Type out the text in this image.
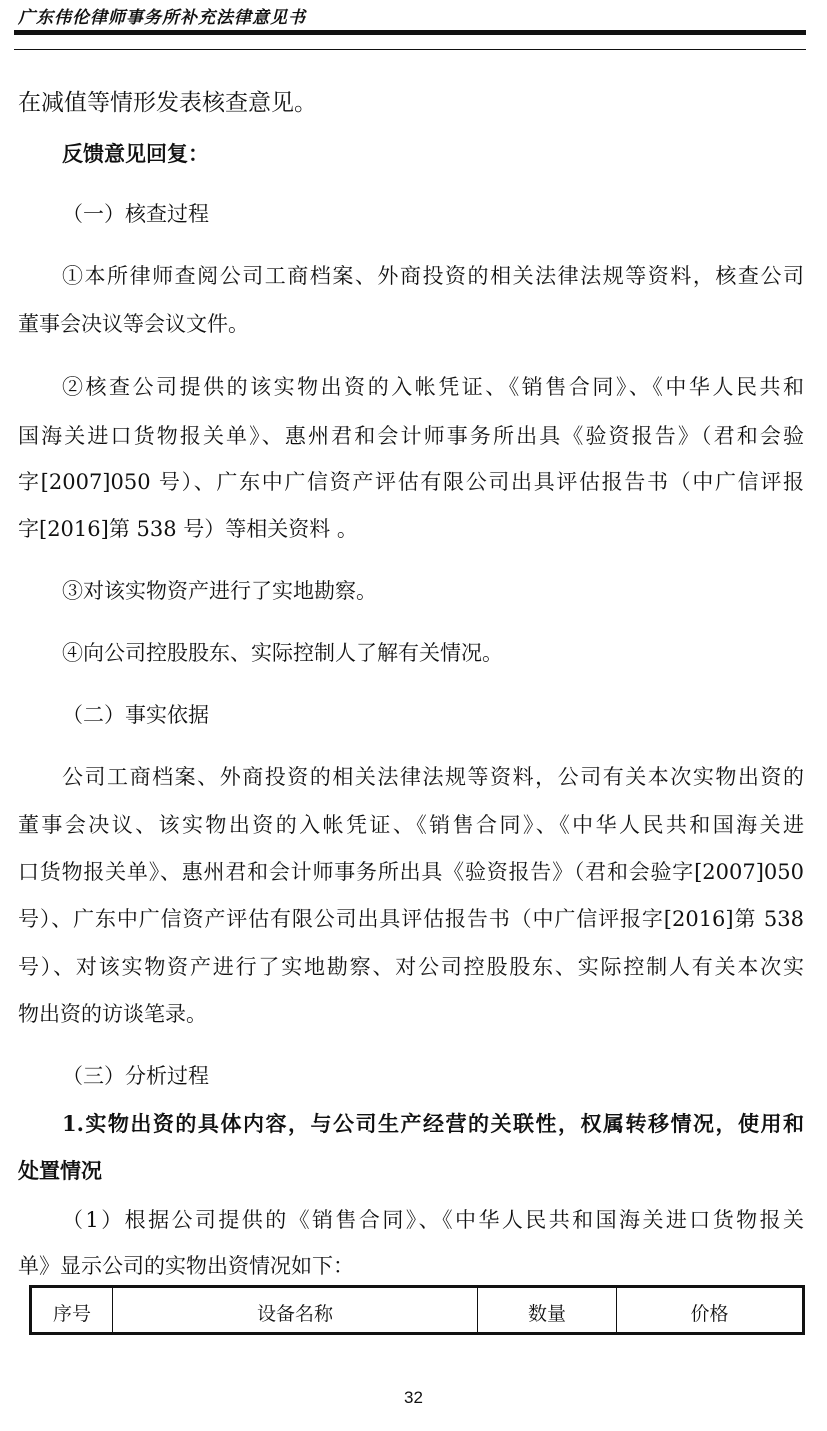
广东伟伦律师事务所补充法律意见书
在减值等情形发表核查意见。
反馈意见回复：
（一）核查过程
①本所律师查阅公司工商档案、外商投资的相关法律法规等资料，核查公司
董事会决议等会议文件。
②核查公司提供的该实物出资的入帐凭证、《销售合同》、《中华人民共和
国海关进口货物报关单》、惠州君和会计师事务所出具《验资报告》（君和会验
字[2007]050 号）、广东中广信资产评估有限公司出具评估报告书（中广信评报
字[2016]第 538 号）等相关资料 。
③对该实物资产进行了实地勘察。
④向公司控股股东、实际控制人了解有关情况。
（二）事实依据
公司工商档案、外商投资的相关法律法规等资料，公司有关本次实物出资的
董事会决议、该实物出资的入帐凭证、《销售合同》、《中华人民共和国海关进
口货物报关单》、惠州君和会计师事务所出具《验资报告》（君和会验字[2007]050
号）、广东中广信资产评估有限公司出具评估报告书（中广信评报字[2016]第 538
号）、对该实物资产进行了实地勘察、对公司控股股东、实际控制人有关本次实
物出资的访谈笔录。
（三）分析过程
1.实物出资的具体内容，与公司生产经营的关联性，权属转移情况，使用和
处置情况
（1）根据公司提供的《销售合同》、《中华人民共和国海关进口货物报关
单》显示公司的实物出资情况如下：
序号	设备名称	数量	价格
32
